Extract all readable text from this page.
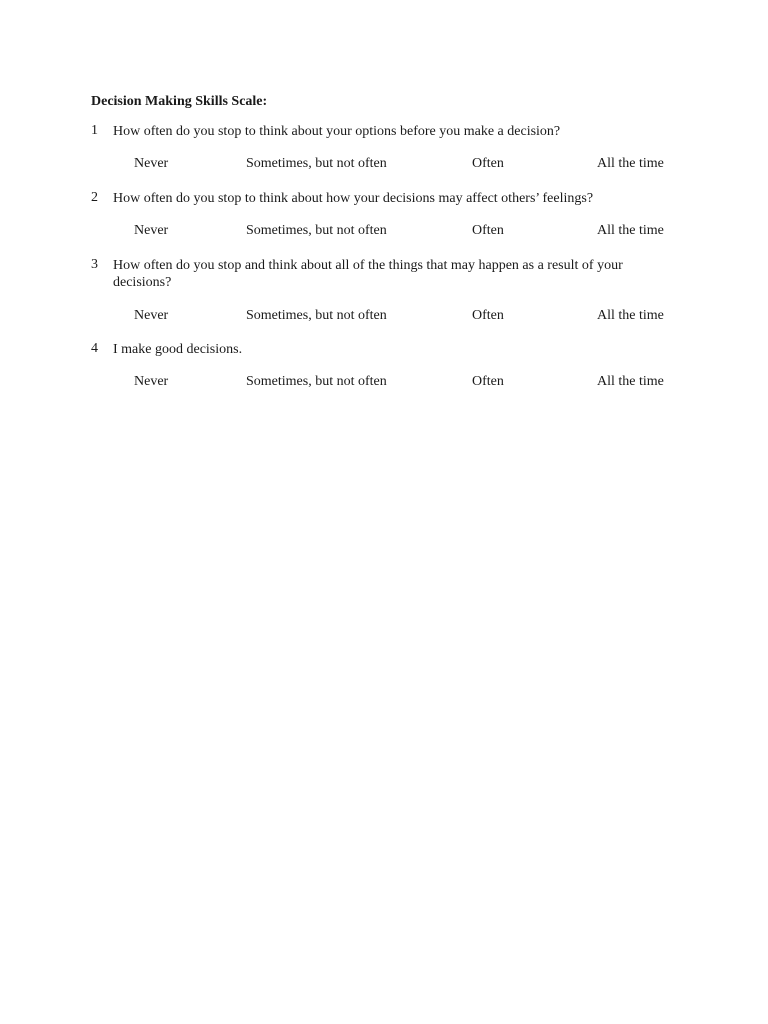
Decision Making Skills Scale:
1 How often do you stop to think about your options before you make a decision?
Never	Sometimes, but not often	Often	All the time
2 How often do you stop to think about how your decisions may affect others’ feelings?
Never	Sometimes, but not often	Often	All the time
3 How often do you stop and think about all of the things that may happen as a result of your decisions?
Never	Sometimes, but not often	Often	All the time
4 I make good decisions.
Never	Sometimes, but not often	Often	All the time
